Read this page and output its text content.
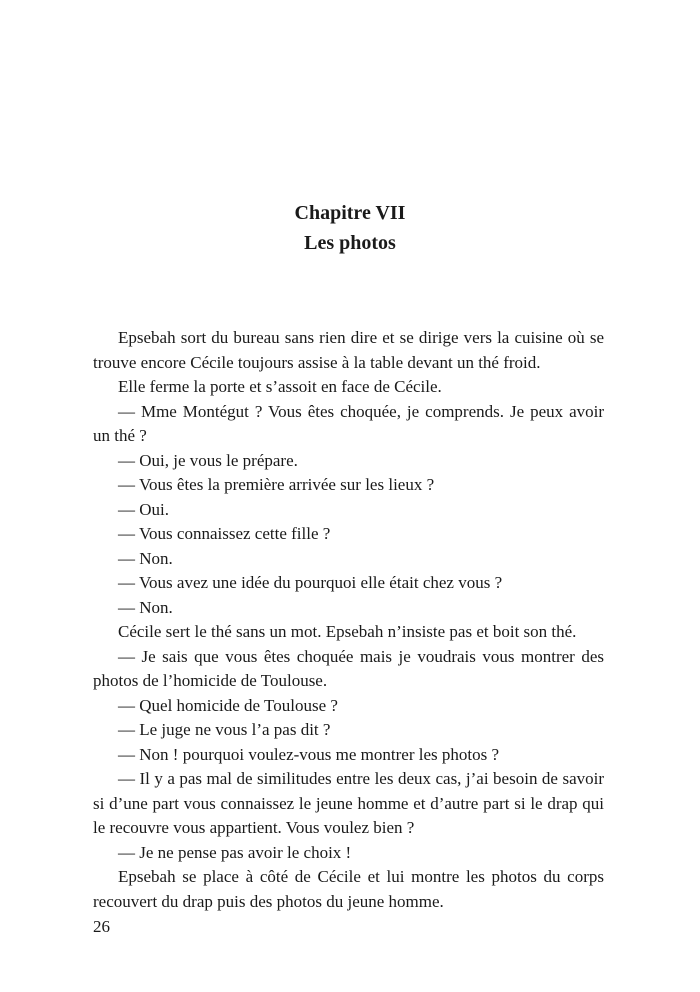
Chapitre VII
Les photos

Epsebah sort du bureau sans rien dire et se dirige vers la cuisine où se trouve encore Cécile toujours assise à la table devant un thé froid.

Elle ferme la porte et s’assoit en face de Cécile.

— Mme Montégut ? Vous êtes choquée, je comprends. Je peux avoir un thé ?

— Oui, je vous le prépare.

— Vous êtes la première arrivée sur les lieux ?

— Oui.

— Vous connaissez cette fille ?

— Non.

— Vous avez une idée du pourquoi elle était chez vous ?

— Non.

Cécile sert le thé sans un mot. Epsebah n’insiste pas et boit son thé.

— Je sais que vous êtes choquée mais je voudrais vous montrer des photos de l’homicide de Toulouse.

— Quel homicide de Toulouse ?

— Le juge ne vous l’a pas dit ?

— Non ! pourquoi voulez-vous me montrer les photos ?

— Il y a pas mal de similitudes entre les deux cas, j’ai besoin de savoir si d’une part vous connaissez le jeune homme et d’autre part si le drap qui le recouvre vous appartient. Vous voulez bien ?

— Je ne pense pas avoir le choix !

Epsebah se place à côté de Cécile et lui montre les photos du corps recouvert du drap puis des photos du jeune homme.

26
